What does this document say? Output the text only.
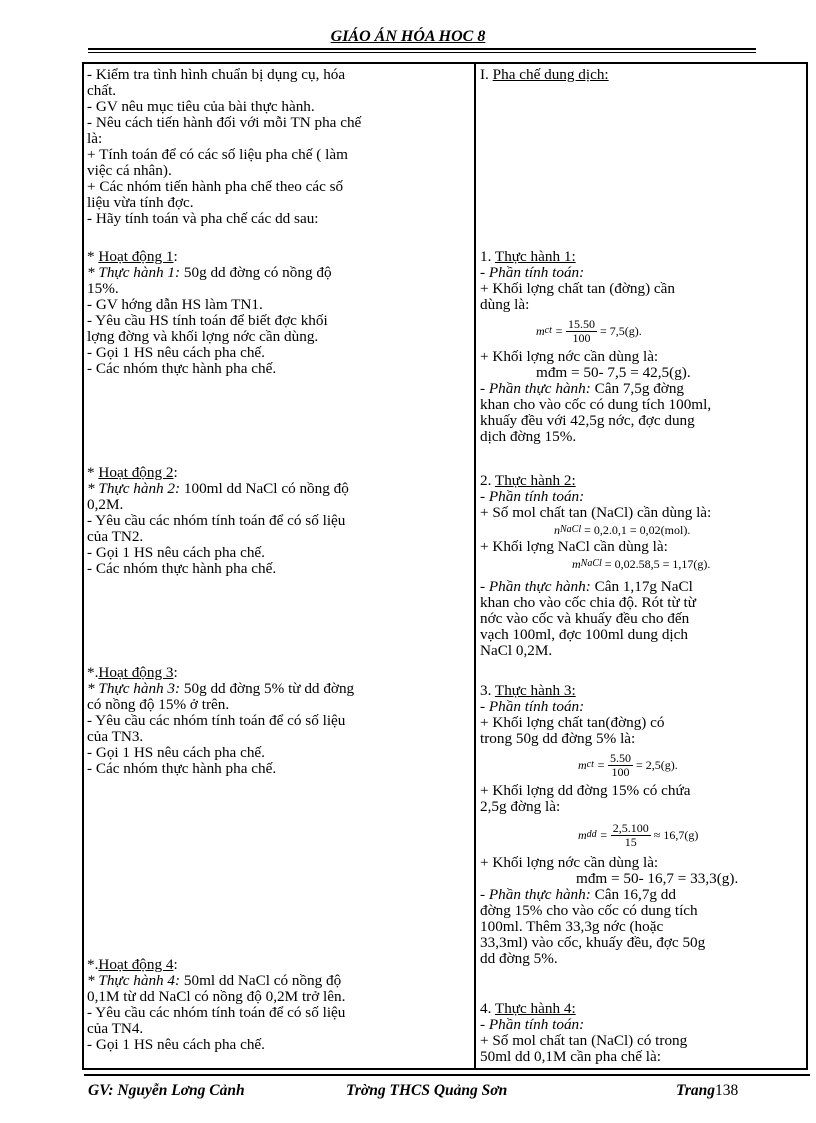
GIÁO ÁN HÓA HOC 8
- Kiểm tra tình hình chuẩn bị dụng cụ, hóa
chất.
- GV nêu mục tiêu của bài thực hành.
- Nêu cách tiến hành đối với mỗi TN pha chế
là:
+ Tính toán để có các số liệu pha chế ( làm
việc cá nhân).
+ Các nhóm tiến hành pha chế theo các số
liệu vừa tính đợc.
- Hãy tính toán và pha chế các dd sau:
* Hoạt động 1:
* Thực hành 1: 50g dd đờng có nồng độ
15%.
- GV hớng dẫn HS làm TN1.
- Yêu cầu HS tính toán để biết đợc khối
lợng đờng và khối lợng nớc cần dùng.
- Gọi 1 HS nêu cách pha chế.
- Các nhóm thực hành pha chế.
* Hoạt động 2:
* Thực hành 2: 100ml dd NaCl có nồng độ
0,2M.
- Yêu cầu các nhóm tính toán để có số liệu
của TN2.
- Gọi 1 HS nêu cách pha chế.
- Các nhóm thực hành pha chế.
*.Hoạt động 3:
* Thực hành 3: 50g dd đờng 5% từ dd đờng
có nồng độ 15% ở trên.
- Yêu cầu các nhóm tính toán để có số liệu
của TN3.
- Gọi 1 HS nêu cách pha chế.
- Các nhóm thực hành pha chế.
*.Hoạt động 4:
* Thực hành 4: 50ml dd NaCl có nồng độ
0,1M từ dd NaCl có nồng độ 0,2M trở lên.
- Yêu cầu các nhóm tính toán để có số liệu
của TN4.
- Gọi 1 HS nêu cách pha chế.
I. Pha chế dung dịch:
1. Thực hành 1:
- Phần tính toán:
+ Khối lợng chất tan (đờng) cần
dùng là:
m ct = $\frac{15.50}{100} = 7,5(g)$.
+ Khối lợng nớc cần dùng là:
mđm = 50- 7,5 = 42,5(g).
- Phần thực hành: Cân 7,5g đờng
khan cho vào cốc có dung tích 100ml,
khuấy đều với 42,5g nớc, đợc dung
dịch đờng 15%.
2. Thực hành 2:
- Phần tính toán:
+ Số mol chất tan (NaCl) cần dùng là:
n NaCl
= 0,2.0,1 = 0,02(mol).
+ Khối lợng NaCl cần dùng là:
m NaCl
= 0,02.58,5 = 1,17(g).
- Phần thực hành: Cân 1,17g NaCl
khan cho vào cốc chia độ. Rót từ từ
nớc vào cốc và khuấy đều cho đến
vạch 100ml, đợc 100ml dung dịch
NaCl 0,2M.
3. Thực hành 3:
- Phần tính toán:
+ Khối lợng chất tan(đờng) có
trong 50g dd đờng 5% là:
m ct = $\frac{5.50}{100} = 2,5(g)$.
+ Khối lợng dd đờng 15% có chứa
2,5g đờng là:
m dd = $\frac{2,5.100}{15} \approx 16,7(g)$
+ Khối lợng nớc cần dùng là:
mđm = 50- 16,7 = 33,3(g).
- Phần thực hành: Cân 16,7g dd
đờng 15% cho vào cốc có dung tích
100ml. Thêm 33,3g nớc (hoặc
33,3ml) vào cốc, khuấy đều, đợc 50g
dd đờng 5%.
4. Thực hành 4:
- Phần tính toán:
+ Số mol chất tan (NaCl) có trong
50ml dd 0,1M cần pha chế là:
GV: Nguyễn Lơng Cảnh	Trờng THCS Quảng Sơn	Trang138
